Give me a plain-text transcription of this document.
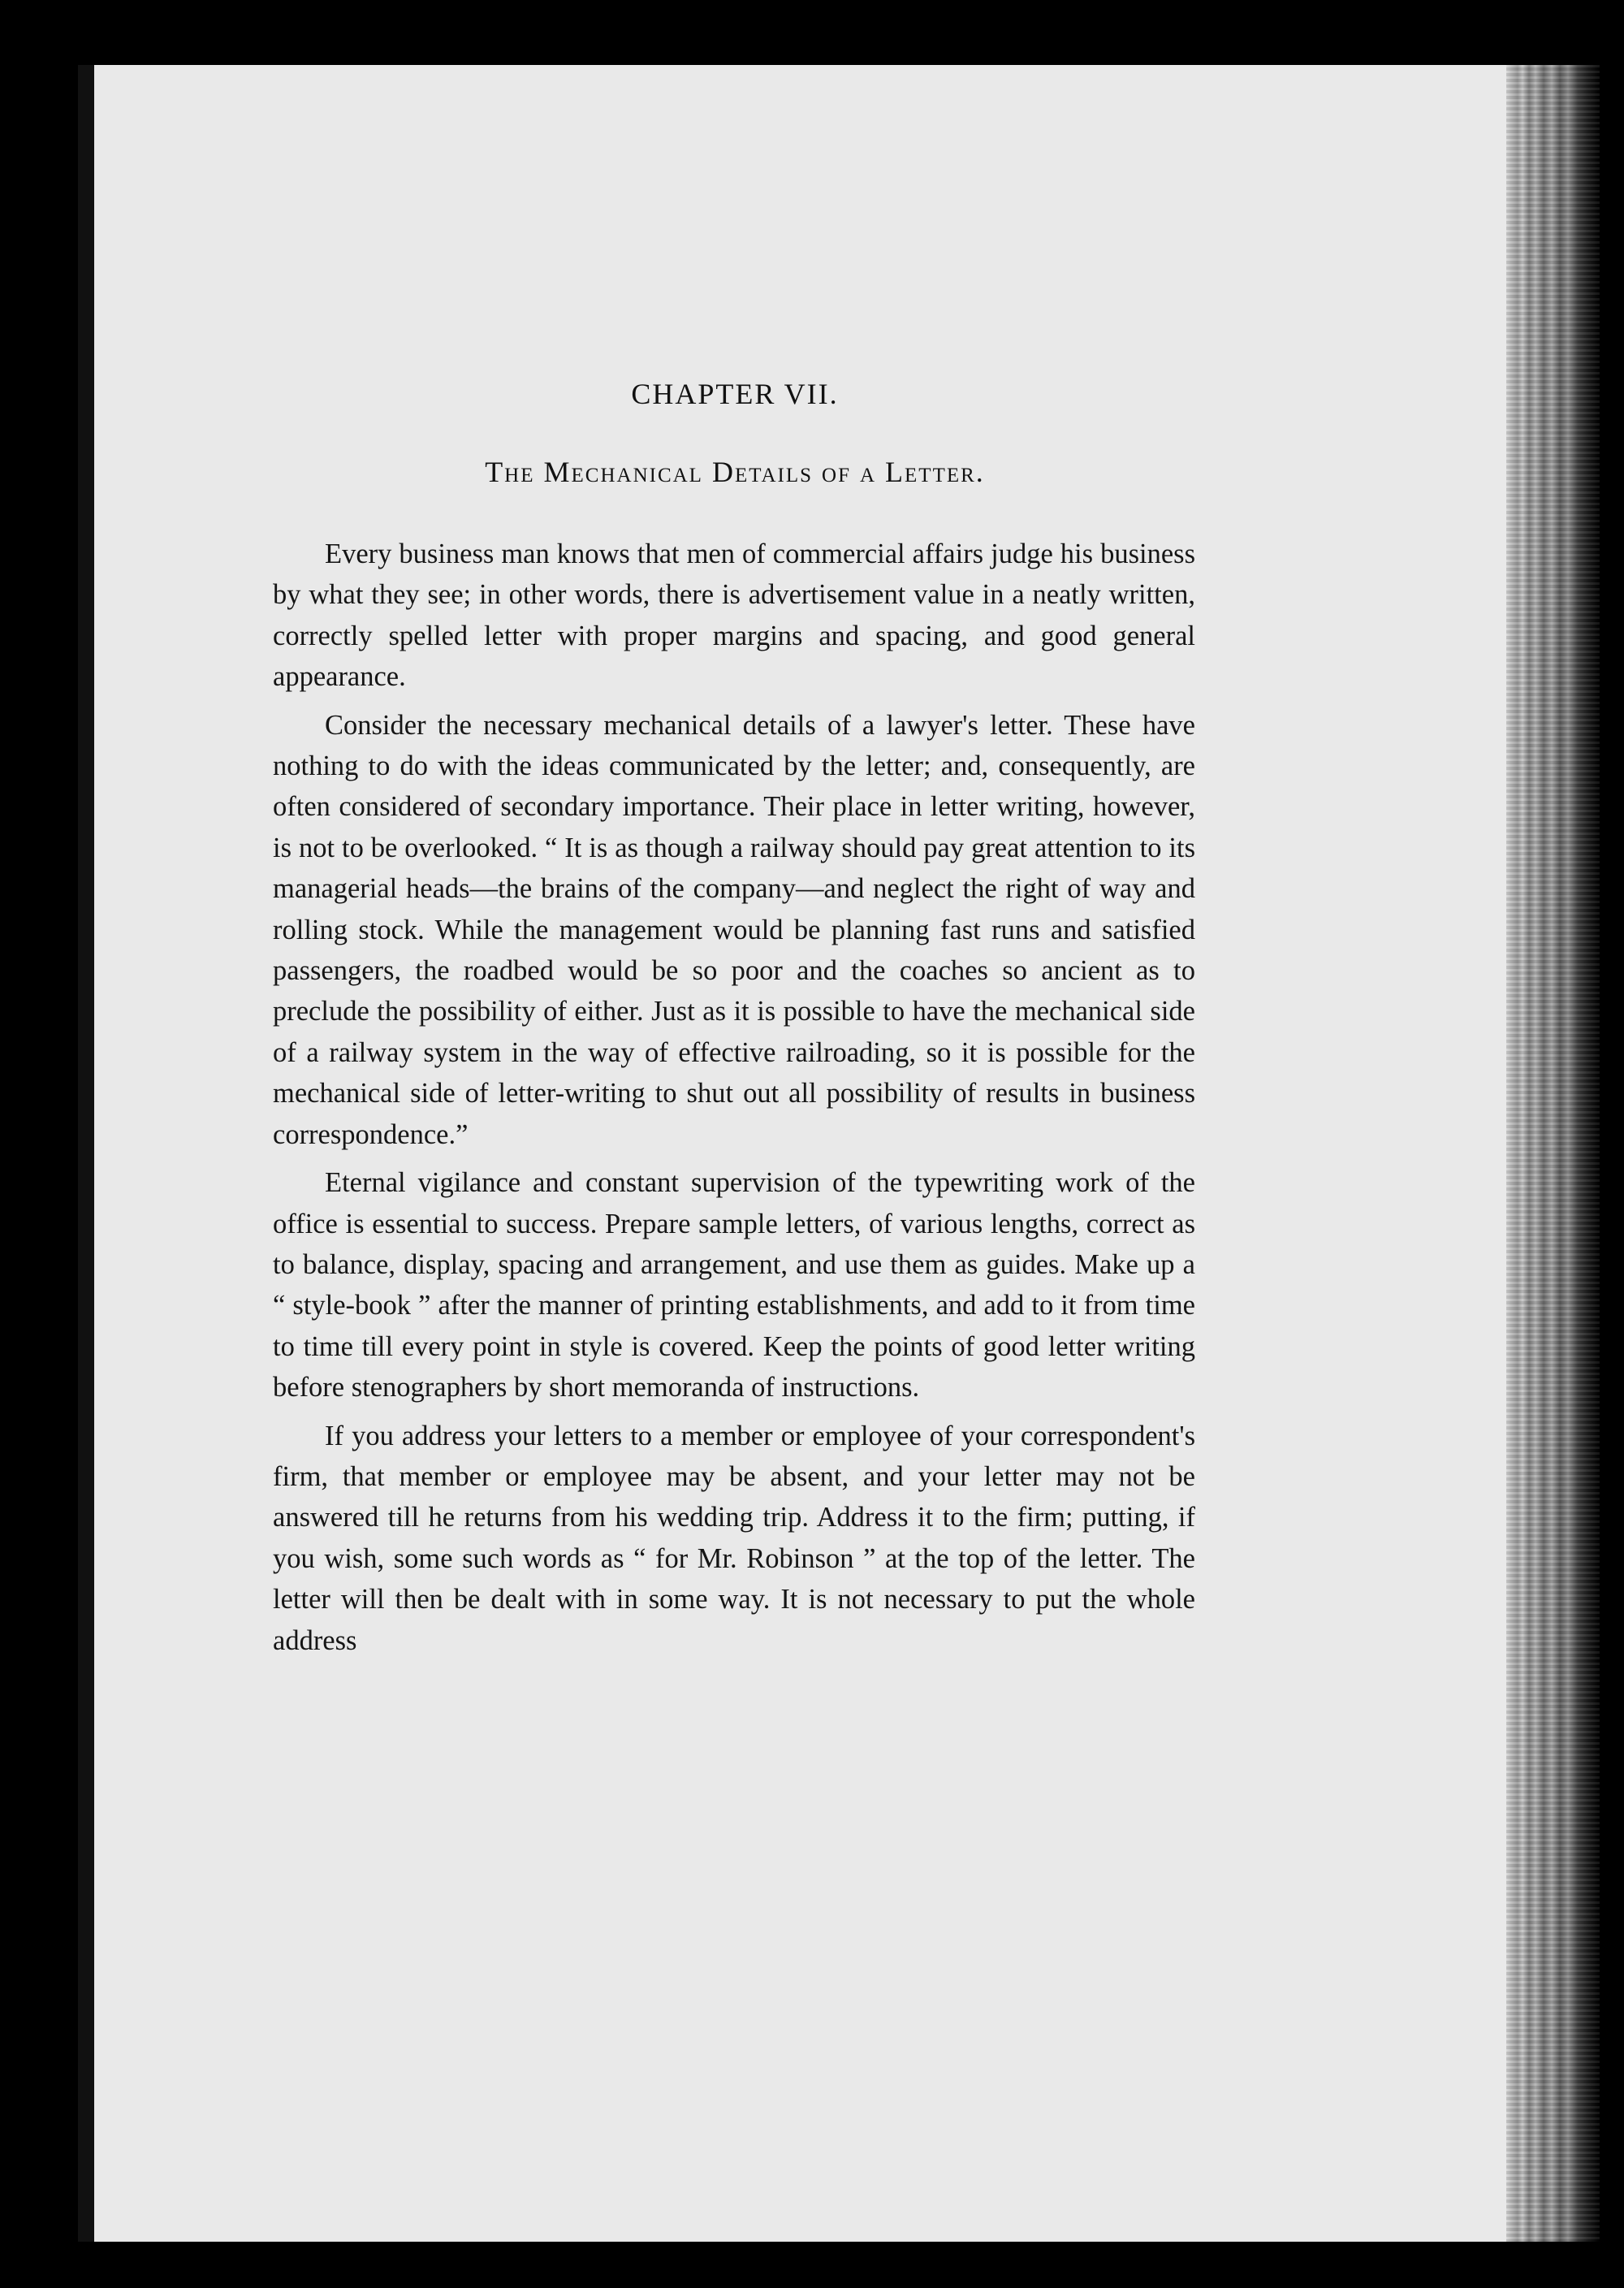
CHAPTER VII.
The Mechanical Details of a Letter.

Every business man knows that men of commercial affairs judge his business by what they see; in other words, there is advertisement value in a neatly written, correctly spelled letter with proper margins and spacing, and good general appearance.

Consider the necessary mechanical details of a lawyer's letter. These have nothing to do with the ideas communicated by the letter; and, consequently, are often considered of secondary importance. Their place in letter writing, however, is not to be overlooked. “ It is as though a railway should pay great attention to its managerial heads—the brains of the company—and neglect the right of way and rolling stock. While the management would be planning fast runs and satisfied passengers, the roadbed would be so poor and the coaches so ancient as to preclude the possibility of either. Just as it is possible to have the mechanical side of a railway system in the way of effective railroading, so it is possible for the mechanical side of letter-writing to shut out all possibility of results in business correspondence.”

Eternal vigilance and constant supervision of the typewriting work of the office is essential to success. Prepare sample letters, of various lengths, correct as to balance, display, spacing and arrangement, and use them as guides. Make up a “ style-book ” after the manner of printing establishments, and add to it from time to time till every point in style is covered. Keep the points of good letter writing before stenographers by short memoranda of instructions.

If you address your letters to a member or employee of your correspondent's firm, that member or employee may be absent, and your letter may not be answered till he returns from his wedding trip. Address it to the firm; putting, if you wish, some such words as “ for Mr. Robinson ” at the top of the letter. The letter will then be dealt with in some way. It is not necessary to put the whole address
